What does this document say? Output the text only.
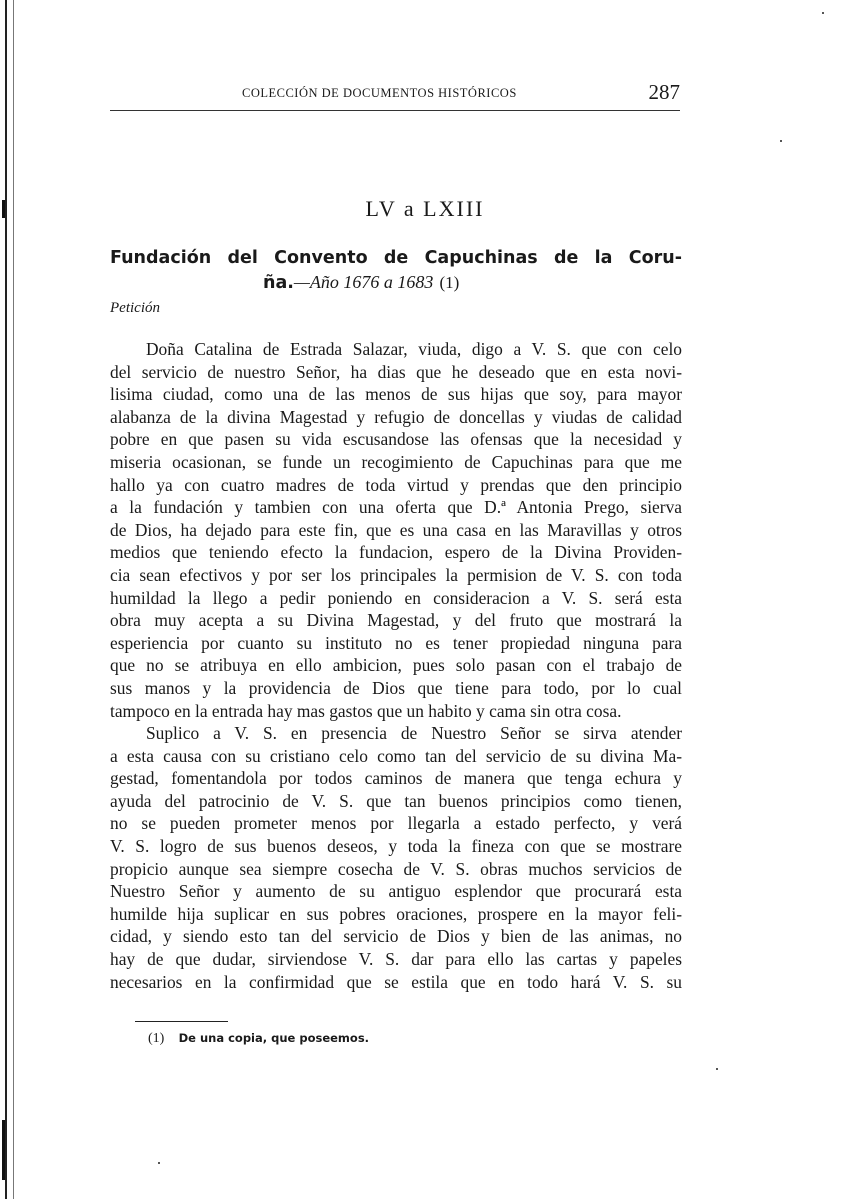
COLECCIÓN DE DOCUMENTOS HISTÓRICOS	287
LV a LXIII
Fundación del Convento de Capuchinas de la Coru-
ña.—Año 1676 a 1683 (1)
Petición
Doña Catalina de Estrada Salazar, viuda, digo a V. S. que con celo
del servicio de nuestro Señor, ha dias que he deseado que en esta novi-
lisima ciudad, como una de las menos de sus hijas que soy, para mayor
alabanza de la divina Magestad y refugio de doncellas y viudas de calidad
pobre en que pasen su vida escusandose las ofensas que la necesidad y
miseria ocasionan, se funde un recogimiento de Capuchinas para que me
hallo ya con cuatro madres de toda virtud y prendas que den principio
a la fundación y tambien con una oferta que D.ª Antonia Prego, sierva
de Dios, ha dejado para este fin, que es una casa en las Maravillas y otros
medios que teniendo efecto la fundacion, espero de la Divina Providen-
cia sean efectivos y por ser los principales la permision de V. S. con toda
humildad la llego a pedir poniendo en consideracion a V. S. será esta
obra muy acepta a su Divina Magestad, y del fruto que mostrará la
esperiencia por cuanto su instituto no es tener propiedad ninguna para
que no se atribuya en ello ambicion, pues solo pasan con el trabajo de
sus manos y la providencia de Dios que tiene para todo, por lo cual
tampoco en la entrada hay mas gastos que un habito y cama sin otra cosa.
Suplico a V. S. en presencia de Nuestro Señor se sirva atender
a esta causa con su cristiano celo como tan del servicio de su divina Ma-
gestad, fomentandola por todos caminos de manera que tenga echura y
ayuda del patrocinio de V. S. que tan buenos principios como tienen,
no se pueden prometer menos por llegarla a estado perfecto, y verá
V. S. logro de sus buenos deseos, y toda la fineza con que se mostrare
propicio aunque sea siempre cosecha de V. S. obras muchos servicios de
Nuestro Señor y aumento de su antiguo esplendor que procurará esta
humilde hija suplicar en sus pobres oraciones, prospere en la mayor feli-
cidad, y siendo esto tan del servicio de Dios y bien de las animas, no
hay de que dudar, sirviendose V. S. dar para ello las cartas y papeles
necesarios en la confirmidad que se estila que en todo hará V. S. su
(1) De una copia, que poseemos.
